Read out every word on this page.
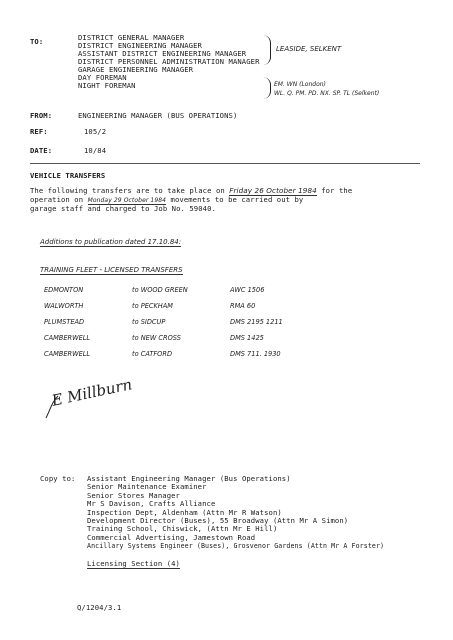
TO:	DISTRICT GENERAL MANAGER
DISTRICT ENGINEERING MANAGER
ASSISTANT DISTRICT ENGINEERING MANAGER
DISTRICT PERSONNEL ADMINISTRATION MANAGER
GARAGE ENGINEERING MANAGER
DAY FOREMAN
NIGHT FOREMAN
LEASIDE, SELKENT
EM. WN (London)
WL. Q. PM. PD. NX. SP. TL (Selkent)
FROM:	ENGINEERING MANAGER (BUS OPERATIONS)
REF:	105/2
DATE:	10/84
VEHICLE TRANSFERS
The following transfers are to take place on Friday 26 October 1984 for the
operation on Monday 29 October 1984 movements to be carried out by
garage staff and charged to Job No. 59040.
Additions to publication dated 17.10.84:
TRAINING FLEET - LICENSED TRANSFERS
EDMONTON	to WOOD GREEN	AWC 1506
WALWORTH	to PECKHAM	RMA 60
PLUMSTEAD	to SIDCUP	DMS 2195 1211
CAMBERWELL	to NEW CROSS	DMS 1425
CAMBERWELL	to CATFORD	DMS 711. 1930
E Millburn
Copy to: Assistant Engineering Manager (Bus Operations)
Senior Maintenance Examiner
Senior Stores Manager
Mr S Davison, Crafts Alliance
Inspection Dept, Aldenham (Attn Mr R Watson)
Development Director (Buses), 55 Broadway (Attn Mr A Simon)
Training School, Chiswick, (Attn Mr E Hill)
Commercial Advertising, Jamestown Road
Ancillary Systems Engineer (Buses), Grosvenor Gardens (Attn Mr A Forster)
Licensing Section (4)
Q/1204/3.1
